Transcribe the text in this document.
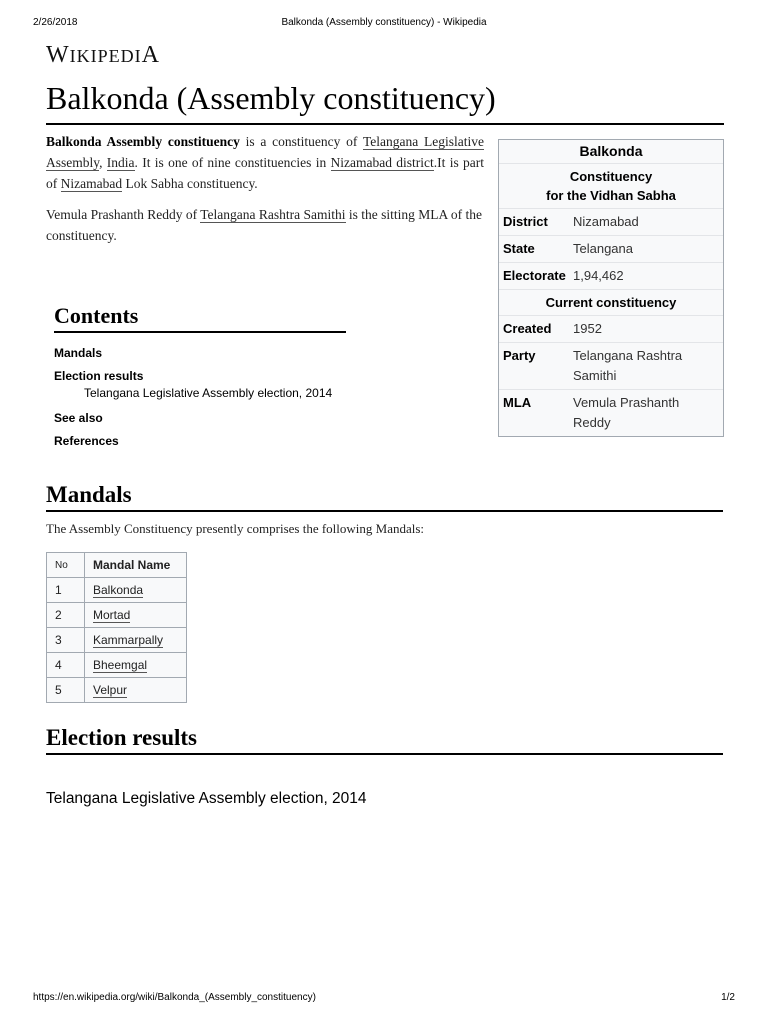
2/26/2018	Balkonda (Assembly constituency) - Wikipedia
WIKIPEDIA
Balkonda (Assembly constituency)

Balkonda Assembly constituency is a constituency of Telangana Legislative Assembly, India. It is one of nine constituencies in Nizamabad district.It is part of Nizamabad Lok Sabha constituency.

Vemula Prashanth Reddy of Telangana Rashtra Samithi is the sitting MLA of the constituency.

Balkonda
Constituency
for the Vidhan Sabha
District	Nizamabad
State	Telangana
Electorate 1,94,462
Current constituency
Created	1952
Party	Telangana Rashtra Samithi
MLA	Vemula Prashanth Reddy
Contents
Mandals
Election results
Telangana Legislative Assembly election, 2014
See also
References
Mandals
The Assembly Constituency presently comprises the following Mandals:
No	Mandal Name
1	Balkonda
2	Mortad
3	Kammarpally
4	Bheemgal
5	Velpur
Election results
Telangana Legislative Assembly election, 2014
https://en.wikipedia.org/wiki/Balkonda_(Assembly_constituency)	1/2
